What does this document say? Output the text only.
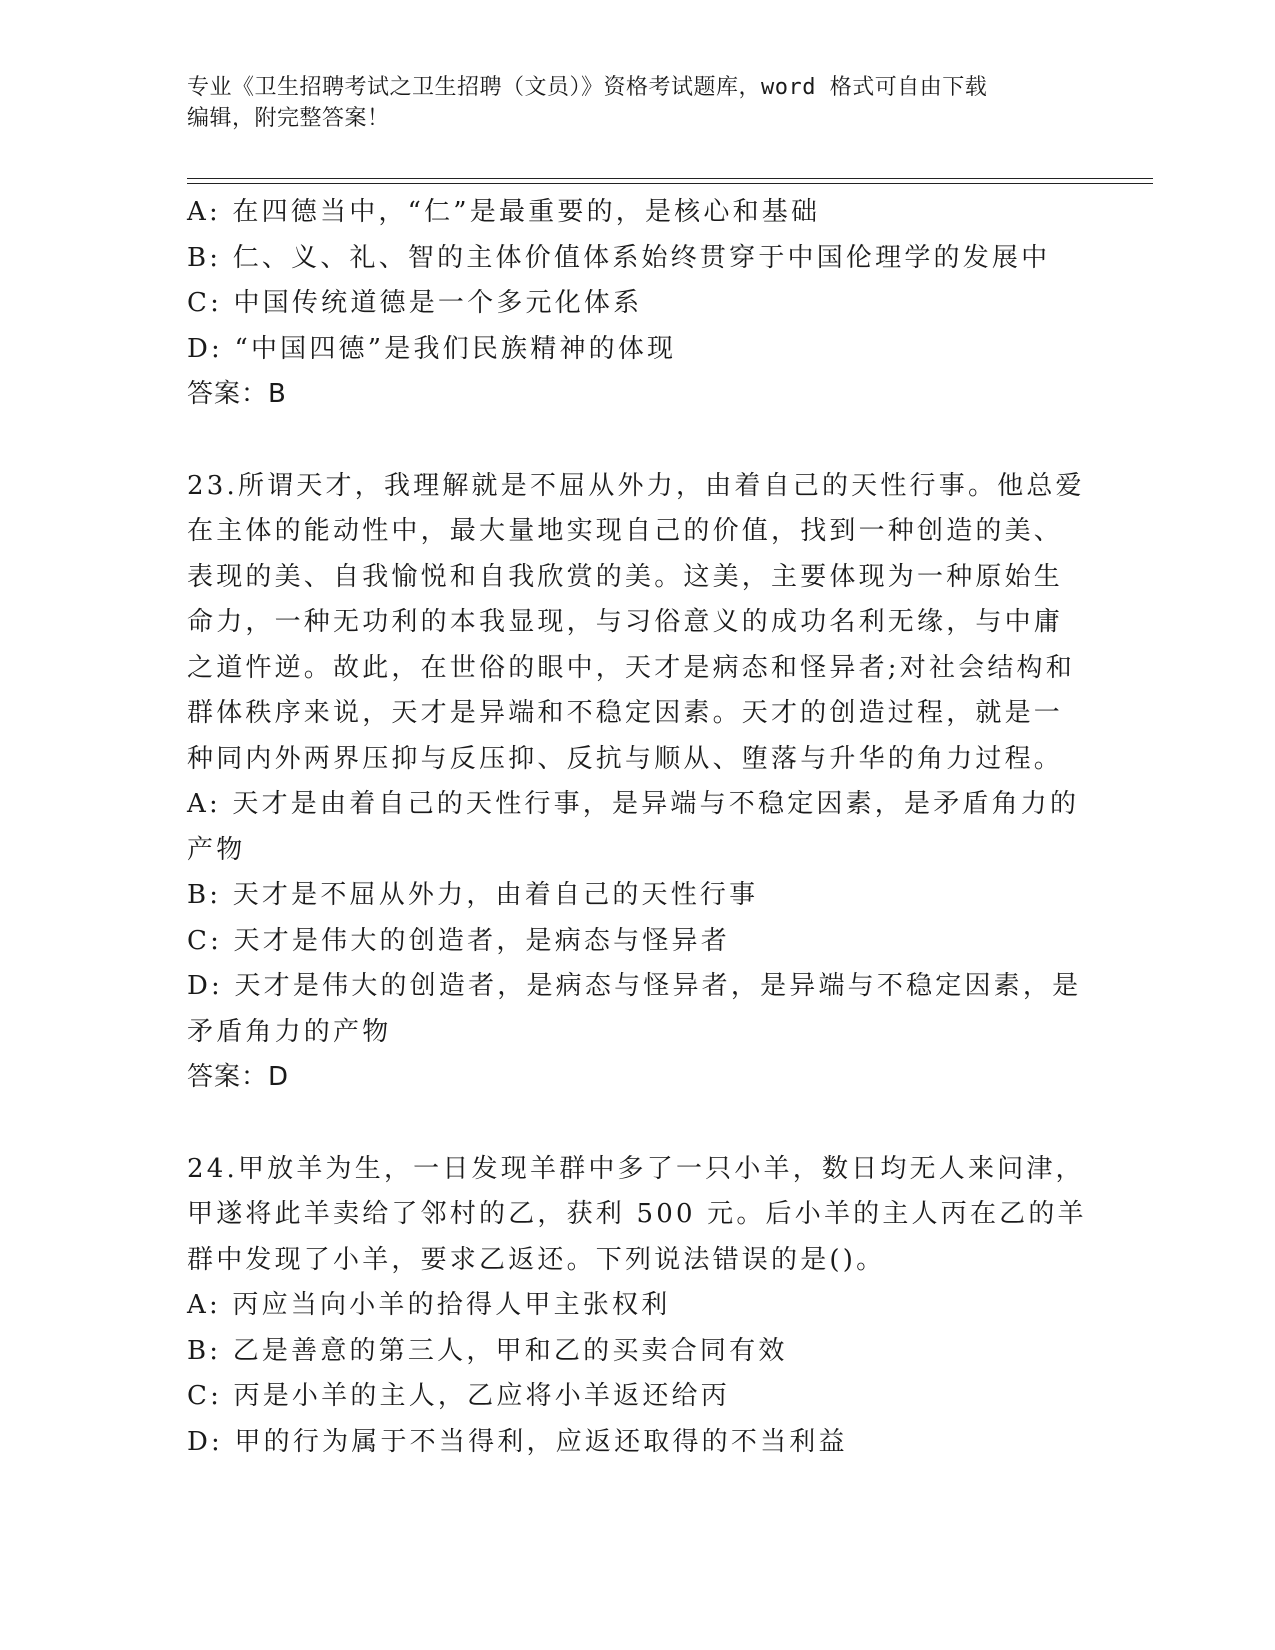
专业《卫生招聘考试之卫生招聘（文员）》资格考试题库，word 格式可自由下载
编辑，附完整答案！
A: 在四德当中，“仁”是最重要的，是核心和基础
B: 仁、义、礼、智的主体价值体系始终贯穿于中国伦理学的发展中
C: 中国传统道德是一个多元化体系
D: “中国四德”是我们民族精神的体现
答案：B
23.所谓天才，我理解就是不屈从外力，由着自己的天性行事。他总爱
在主体的能动性中，最大量地实现自己的价值，找到一种创造的美、
表现的美、自我愉悦和自我欣赏的美。这美，主要体现为一种原始生
命力，一种无功利的本我显现，与习俗意义的成功名利无缘，与中庸
之道忤逆。故此，在世俗的眼中，天才是病态和怪异者;对社会结构和
群体秩序来说，天才是异端和不稳定因素。天才的创造过程，就是一
种同内外两界压抑与反压抑、反抗与顺从、堕落与升华的角力过程。
A: 天才是由着自己的天性行事，是异端与不稳定因素，是矛盾角力的
产物
B: 天才是不屈从外力，由着自己的天性行事
C: 天才是伟大的创造者，是病态与怪异者
D: 天才是伟大的创造者，是病态与怪异者，是异端与不稳定因素，是
矛盾角力的产物
答案：D
24.甲放羊为生，一日发现羊群中多了一只小羊，数日均无人来问津，
甲遂将此羊卖给了邻村的乙，获利 500 元。后小羊的主人丙在乙的羊
群中发现了小羊，要求乙返还。下列说法错误的是()。
A: 丙应当向小羊的拾得人甲主张权利
B: 乙是善意的第三人，甲和乙的买卖合同有效
C: 丙是小羊的主人，乙应将小羊返还给丙
D: 甲的行为属于不当得利，应返还取得的不当利益
